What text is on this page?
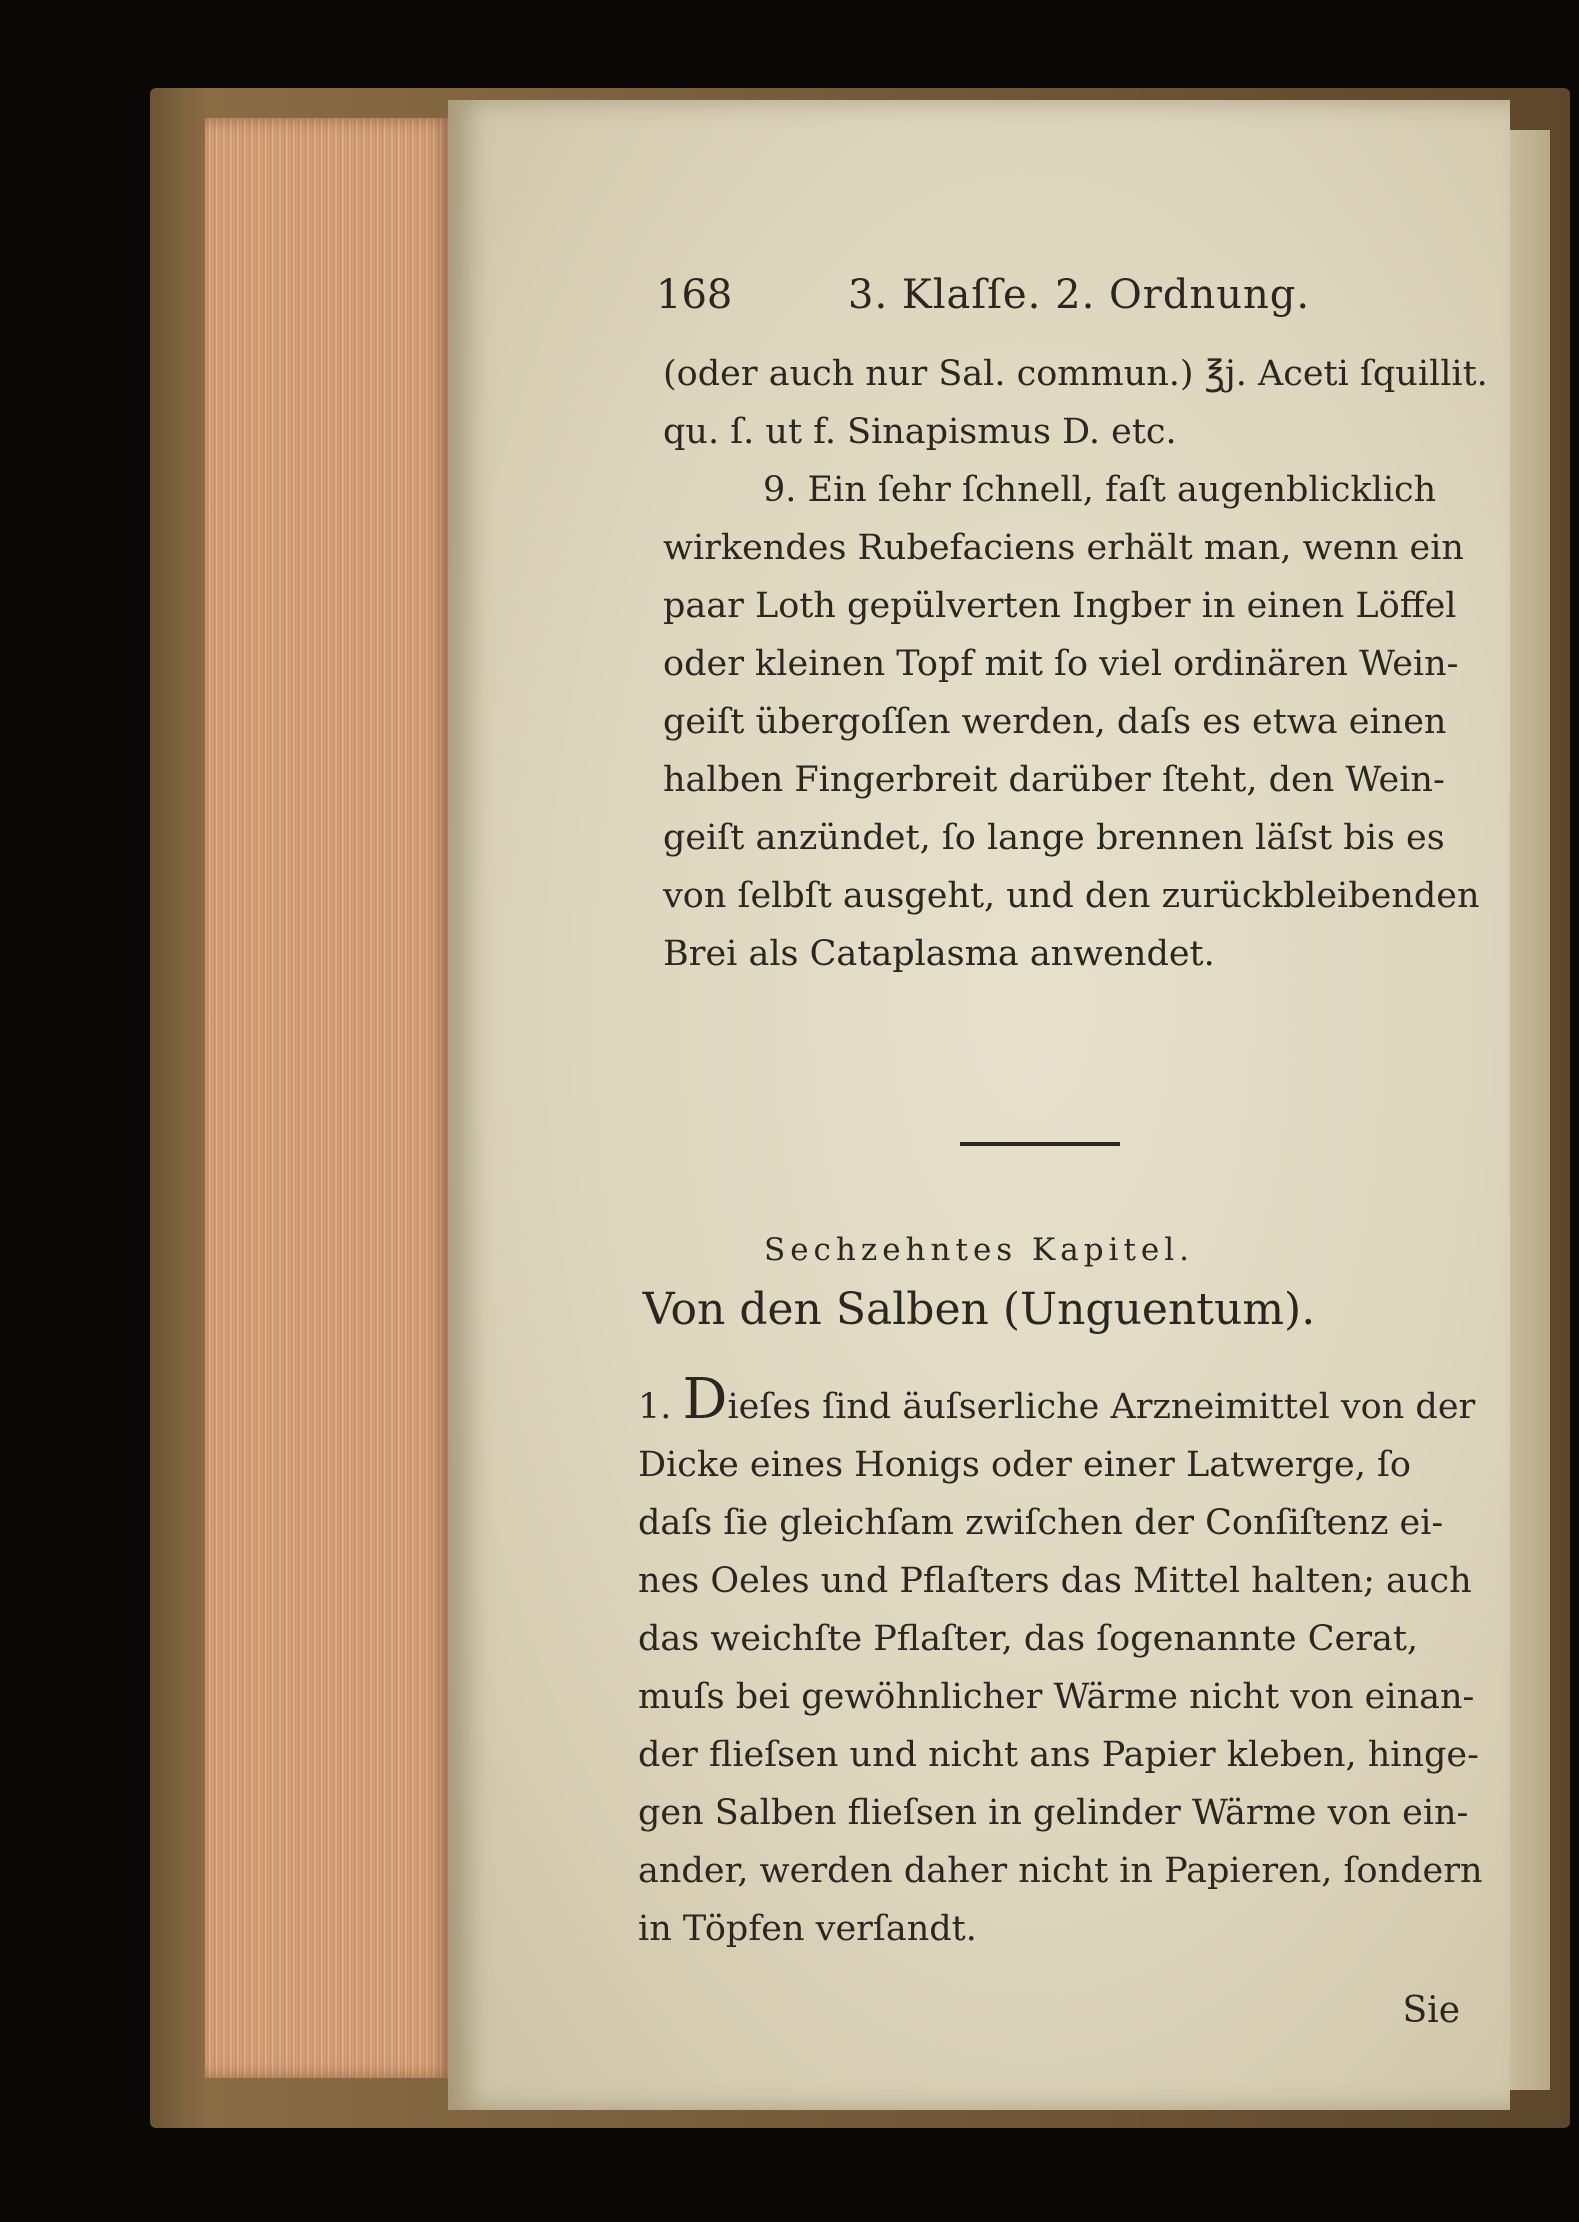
168	3. Klaſſe. 2. Ordnung.
(oder auch nur Sal. commun.) ℥j. Aceti ſquillit.
qu. ſ. ut f. Sinapismus D. etc.
9. Ein ſehr ſchnell, faſt augenblicklich
wirkendes Rubefaciens erhält man, wenn ein
paar Loth gepülverten Ingber in einen Löffel
oder kleinen Topf mit ſo viel ordinären Wein-
geiſt übergoſſen werden, daſs es etwa einen
halben Fingerbreit darüber ſteht, den Wein-
geiſt anzündet, ſo lange brennen läſst bis es
von ſelbſt ausgeht, und den zurückbleibenden
Brei als Cataplasma anwendet.
Sechzehntes Kapitel.
Von den Salben (Unguentum).
1. Dieſes ſind äuſserliche Arzneimittel von der
Dicke eines Honigs oder einer Latwerge, ſo
daſs ſie gleichſam zwiſchen der Conſiſtenz ei-
nes Oeles und Pflaſters das Mittel halten; auch
das weichſte Pflaſter, das ſogenannte Cerat,
muſs bei gewöhnlicher Wärme nicht von einan-
der flieſsen und nicht ans Papier kleben, hinge-
gen Salben flieſsen in gelinder Wärme von ein-
ander, werden daher nicht in Papieren, ſondern
in Töpfen verſandt.
Sie
